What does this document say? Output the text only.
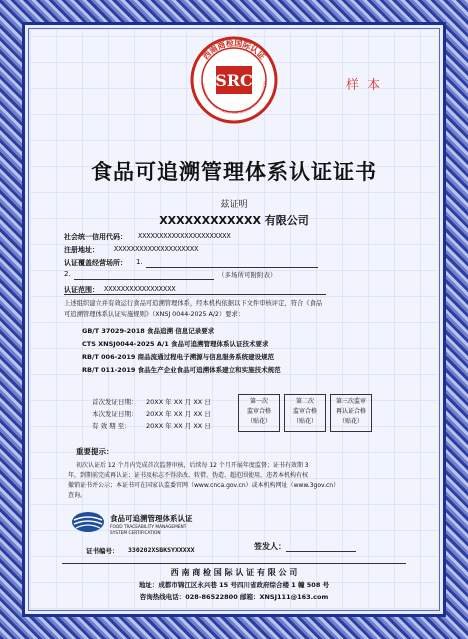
西南商检国际认证
UTHWEST COMMODITY INSPECTION INTERNATIONAL CERTIFICATIO
SRC	样 本
食品可追溯管理体系认证证书
兹证明
XXXXXXXXXXXX 有限公司
社会统一信用代码： XXXXXXXXXXXXXXXXXXXXXX
注册地址： XXXXXXXXXXXXXXXXXXXX
认证覆盖经营场所： 1.
2.	（多场所可附附表）
认证范围： XXXXXXXXXXXXXXXXX
上述组织建立并有效运行食品可追溯管理体系，经本机构依据以下文件审核评定，符合《食品
可追溯管理体系认证实施规则》（XNSJ 0044-2025 A/2）要求：
GB/T 37029-2018 食品追溯 信息记录要求
CTS XNSJ0044-2025 A/1 食品可追溯管理体系认证技术要求
RB/T 006-2019 商品流通过程电子溯源与信息服务系统建设规范
RB/T 011-2019 食品生产企业食品可追溯体系建立和实施技术规范
首次发证日期： 20XX 年 XX 月 XX 日
本次发证日期： 20XX 年 XX 月 XX 日
有 效 期 至： 20XX 年 XX 月 XX 日
第一次
监审合格
（贴花）
第二次
监审合格
（贴花）
第三次监审
再认证合格
（贴花）
重要提示：
初次认证后 12 个月内完成首次监督审核，后续每 12 个月开展年度监督；证书有效期 3
年，到期前完成再认证；证书及标志不得涂改、转借、伪造、超范围使用，违者本机构有权
撤销证书并公示；本证书可在国家认监委官网（www.cnca.gov.cn）或本机构网址（www.3gov.cn）
查询。
食品可追溯管理体系认证
FOOD TRACEABILITY MANAGEMENT
SYSTEM CERTIFICATION
证书编号： 330202XSBKSYXXXXX	签发人：
西 南 商 检 国 际 认 证 有 限 公 司
地址：成都市锦江区永兴巷 15 号四川省政府综合楼 1 幢 508 号
咨询热线电话：028-86522800 邮箱：XNSJ111@163.com
